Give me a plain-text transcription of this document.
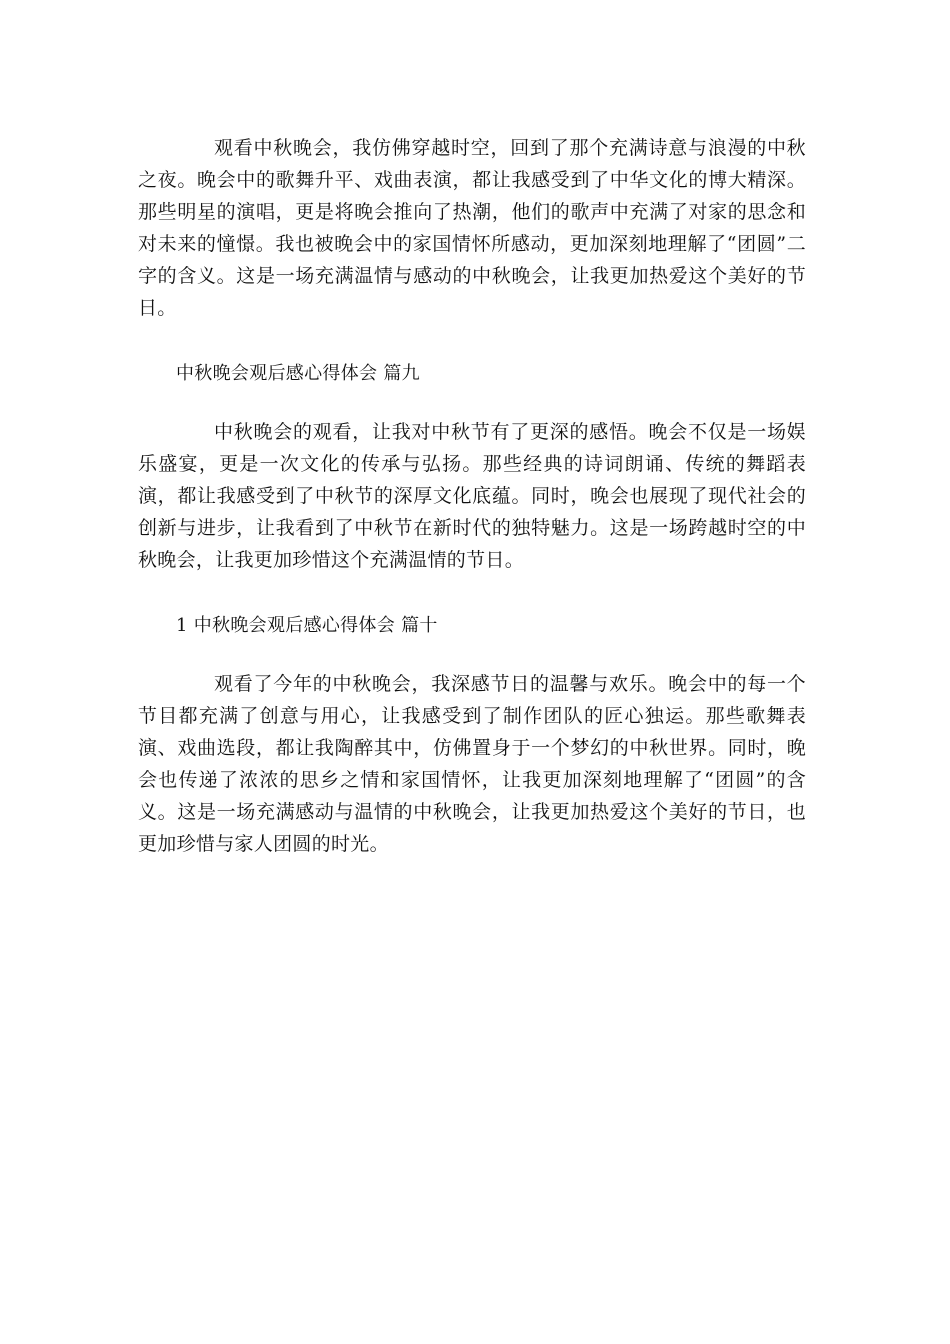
观看中秋晚会，我仿佛穿越时空，回到了那个充满诗意与浪漫的中秋之夜。晚会中的歌舞升平、戏曲表演，都让我感受到了中华文化的博大精深。那些明星的演唱，更是将晚会推向了热潮，他们的歌声中充满了对家的思念和对未来的憧憬。我也被晚会中的家国情怀所感动，更加深刻地理解了“团圆”二字的含义。这是一场充满温情与感动的中秋晚会，让我更加热爱这个美好的节日。

中秋晚会观后感心得体会 篇九

中秋晚会的观看，让我对中秋节有了更深的感悟。晚会不仅是一场娱乐盛宴，更是一次文化的传承与弘扬。那些经典的诗词朗诵、传统的舞蹈表演，都让我感受到了中秋节的深厚文化底蕴。同时，晚会也展现了现代社会的创新与进步，让我看到了中秋节在新时代的独特魅力。这是一场跨越时空的中秋晚会，让我更加珍惜这个充满温情的节日。

1 中秋晚会观后感心得体会 篇十

观看了今年的中秋晚会，我深感节日的温馨与欢乐。晚会中的每一个节目都充满了创意与用心，让我感受到了制作团队的匠心独运。那些歌舞表演、戏曲选段，都让我陶醉其中，仿佛置身于一个梦幻的中秋世界。同时，晚会也传递了浓浓的思乡之情和家国情怀，让我更加深刻地理解了“团圆”的含义。这是一场充满感动与温情的中秋晚会，让我更加热爱这个美好的节日，也更加珍惜与家人团圆的时光。
